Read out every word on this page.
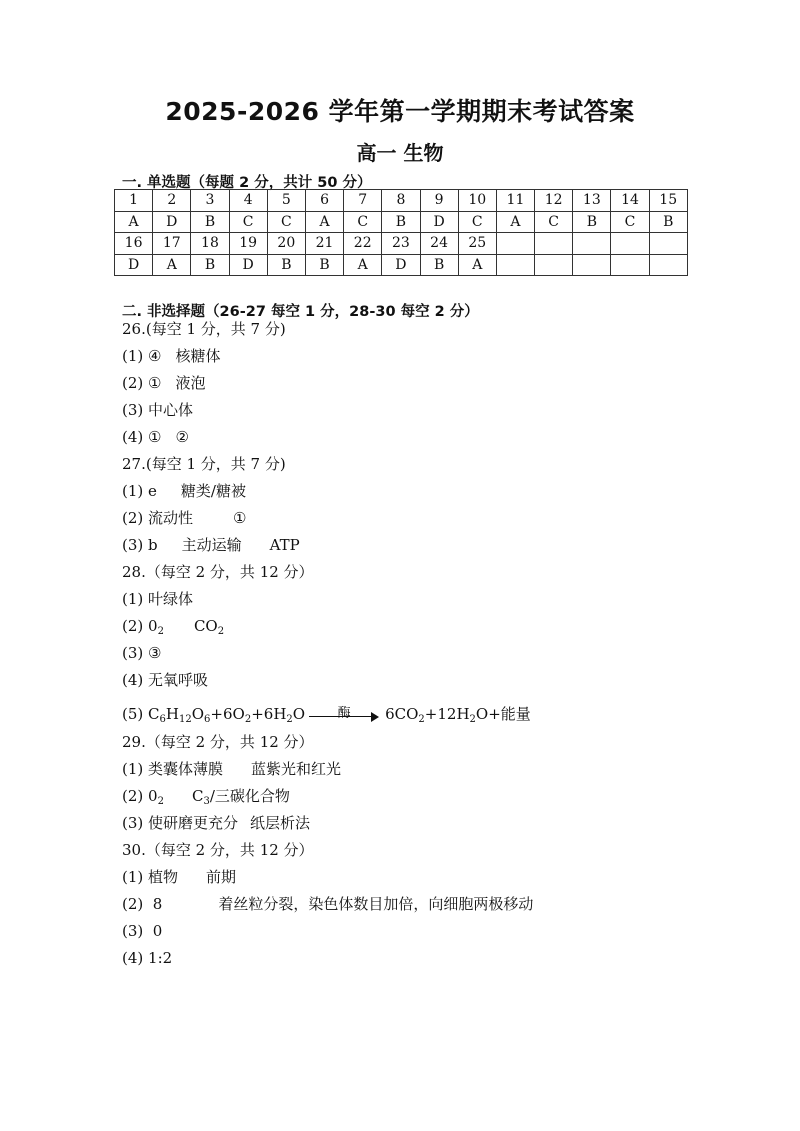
2025-2026 学年第一学期期末考试答案
高一 生物
一. 单选题（每题 2 分，共计 50 分）
1	2	3	4	5	6	7	8	9	10	11	12	13	14	15
A	D	B	C	C	A	C	B	D	C	A	C	B	C	B
16	17	18	19	20	21	22	23	24	25					
D	A	B	D	B	B	A	D	B	A					
二. 非选择题（26-27 每空 1 分，28-30 每空 2 分）
26.(每空 1 分，共 7 分)
(1) ④ 核糖体
(2) ① 液泡
(3) 中心体
(4) ① ②
27.(每空 1 分，共 7 分)
(1) e 糖类/糖被
(2) 流动性	①
(3) b 主动运输 ATP
28.（每空 2 分，共 12 分）
(1) 叶绿体
(2) $0_2$ $CO_2$
(3) ③
(4) 无氧呼吸
(5) $C_6H_{12}O_6+6O_2+6H_2O$	酶	$6CO_2+12H_2O+$能量
29.（每空 2 分，共 12 分）
(1) 类囊体薄膜 蓝紫光和红光
(2) $0_2$ $C_3/$三碳化合物
(3) 使研磨更充分 纸层析法
30.（每空 2 分，共 12 分）
(1) 植物 前期
(2) 8	着丝粒分裂，染色体数目加倍，向细胞两极移动
(3) 0
(4) 1:2
